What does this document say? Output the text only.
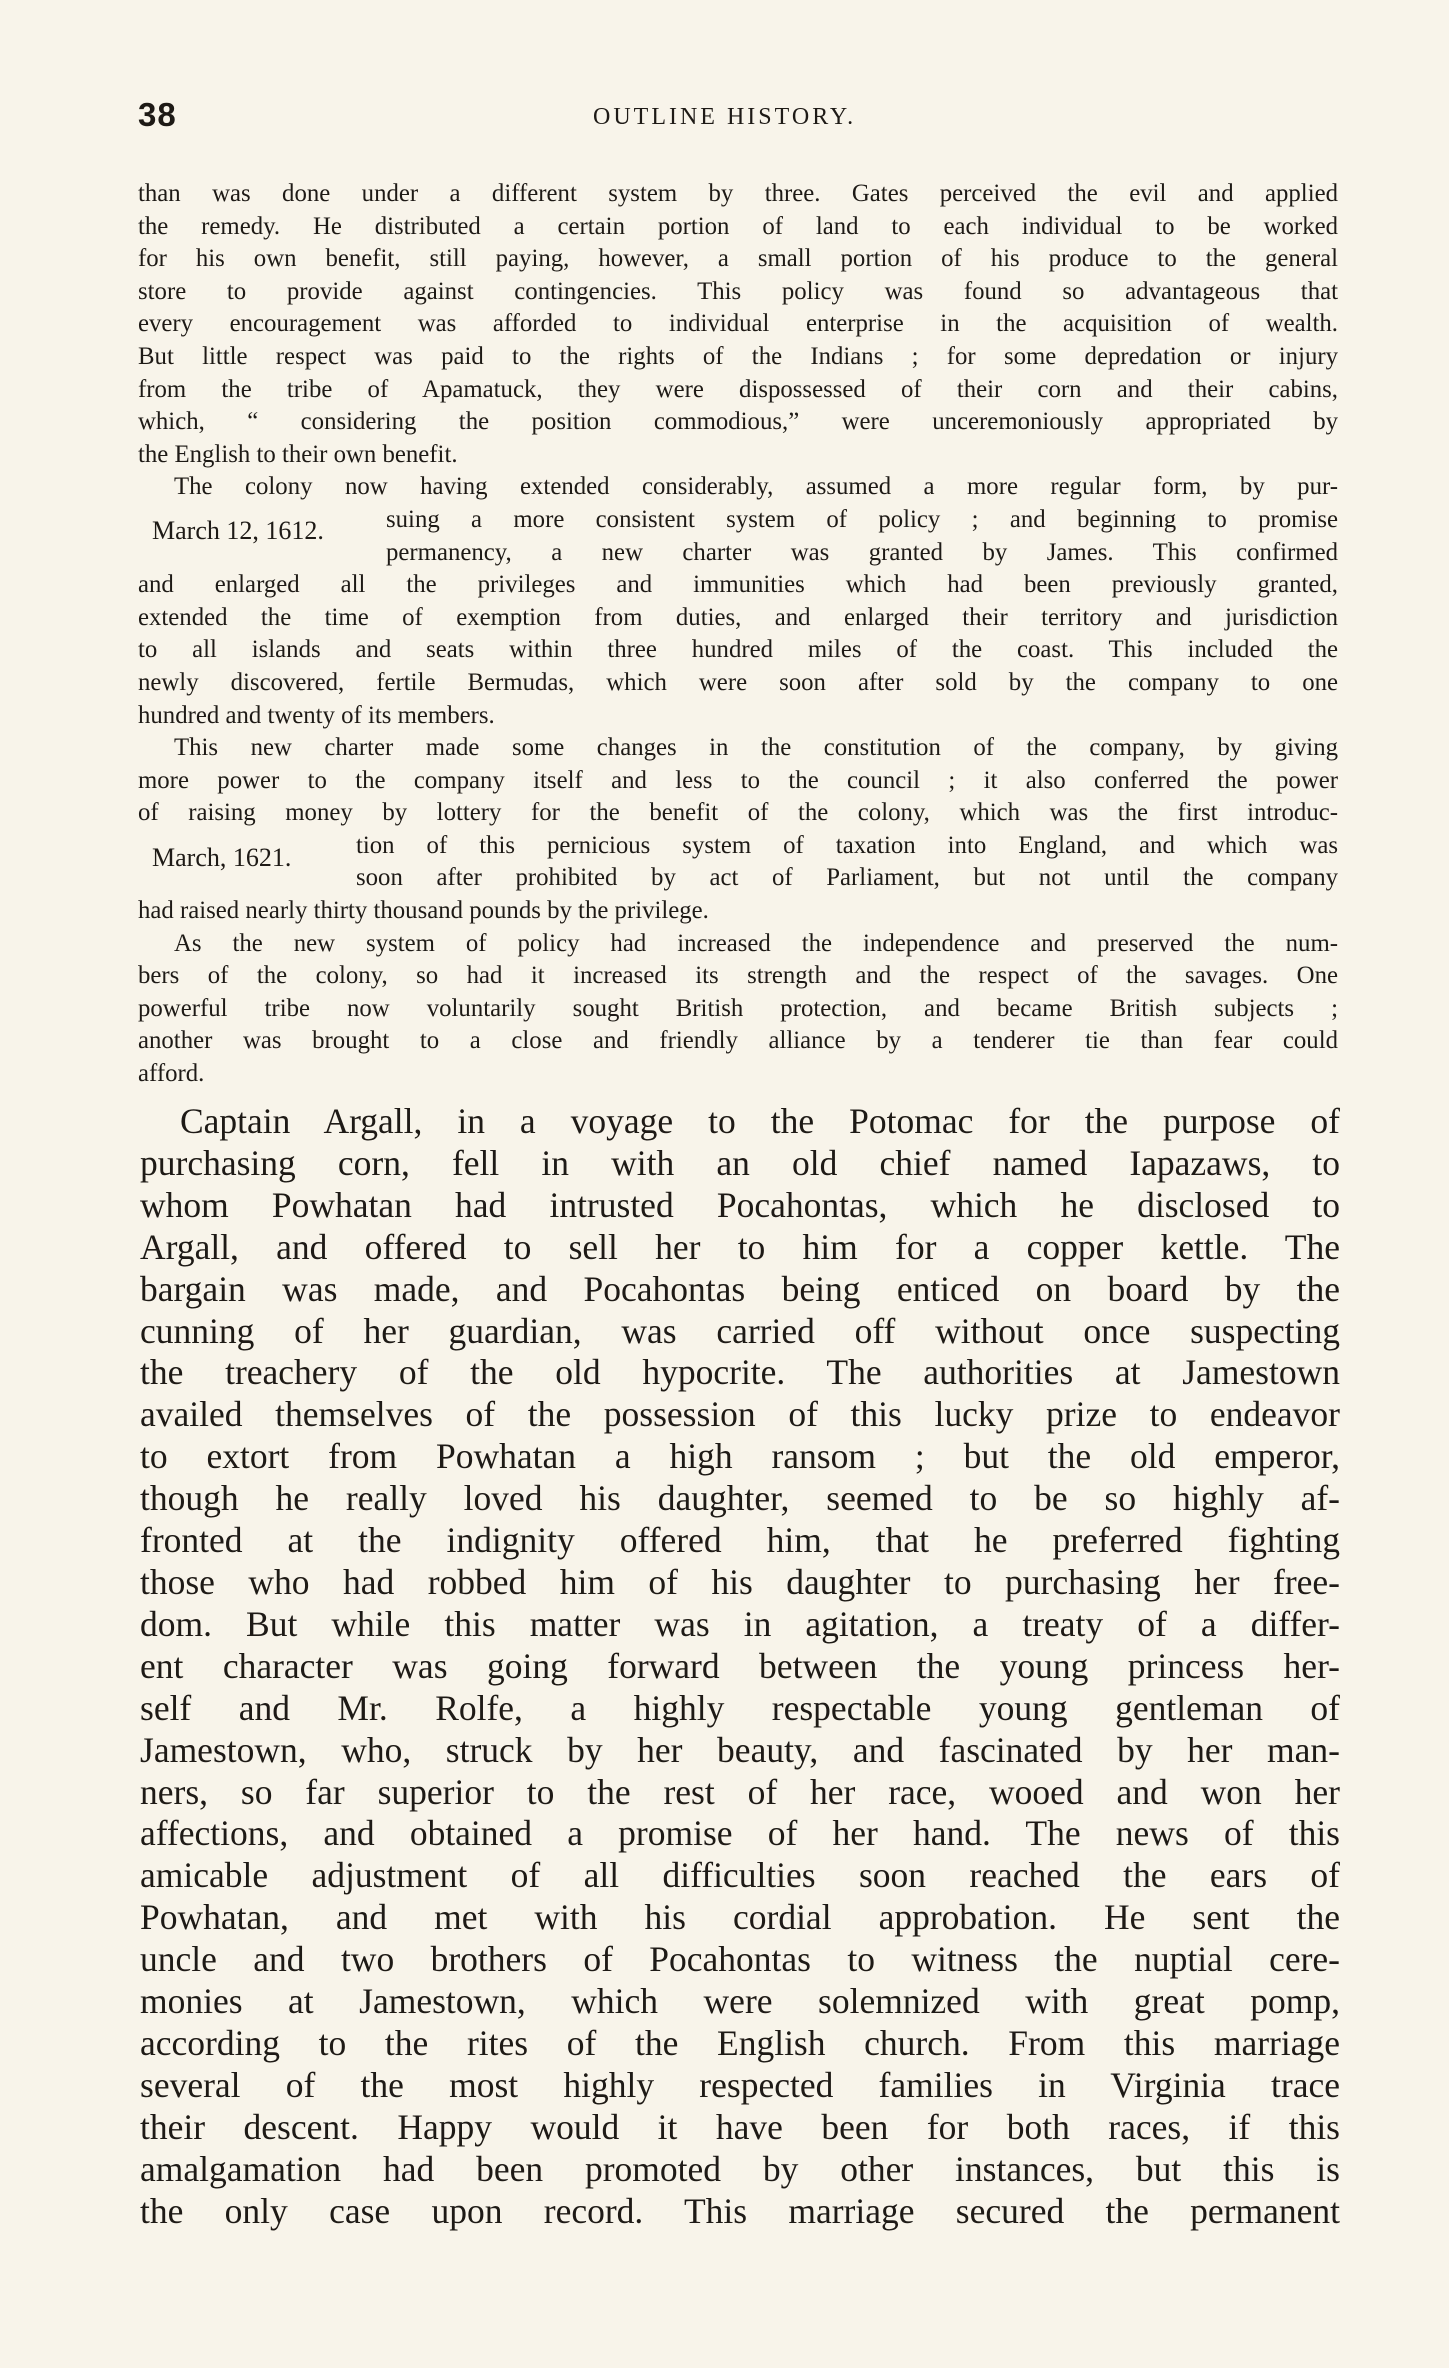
38	OUTLINE HISTORY.

than was done under a different system by three. Gates perceived the evil and applied
the remedy. He distributed a certain portion of land to each individual to be worked
for his own benefit, still paying, however, a small portion of his produce to the general
store to provide against contingencies. This policy was found so advantageous that
every encouragement was afforded to individual enterprise in the acquisition of wealth.
But little respect was paid to the rights of the Indians ; for some depredation or injury
from the tribe of Apamatuck, they were dispossessed of their corn and their cabins,
which, “ considering the position commodious,” were unceremoniously appropriated by
the English to their own benefit.

The colony now having extended considerably, assumed a more regular form, by pur-
March 12, 1612.	suing a more consistent system of policy ; and beginning to promise
permanency, a new charter was granted by James. This confirmed
and enlarged all the privileges and immunities which had been previously granted,
extended the time of exemption from duties, and enlarged their territory and jurisdiction
to all islands and seats within three hundred miles of the coast. This included the
newly discovered, fertile Bermudas, which were soon after sold by the company to one
hundred and twenty of its members.

This new charter made some changes in the constitution of the company, by giving
more power to the company itself and less to the council ; it also conferred the power
of raising money by lottery for the benefit of the colony, which was the first introduc-
March, 1621.	tion of this pernicious system of taxation into England, and which was
soon after prohibited by act of Parliament, but not until the company
had raised nearly thirty thousand pounds by the privilege.

As the new system of policy had increased the independence and preserved the num-
bers of the colony, so had it increased its strength and the respect of the savages. One
powerful tribe now voluntarily sought British protection, and became British subjects ;
another was brought to a close and friendly alliance by a tenderer tie than fear could
afford.

Captain Argall, in a voyage to the Potomac for the purpose of
purchasing corn, fell in with an old chief named Iapazaws, to
whom Powhatan had intrusted Pocahontas, which he disclosed to
Argall, and offered to sell her to him for a copper kettle. The
bargain was made, and Pocahontas being enticed on board by the
cunning of her guardian, was carried off without once suspecting
the treachery of the old hypocrite. The authorities at Jamestown
availed themselves of the possession of this lucky prize to endeavor
to extort from Powhatan a high ransom ; but the old emperor,
though he really loved his daughter, seemed to be so highly af-
fronted at the indignity offered him, that he preferred fighting
those who had robbed him of his daughter to purchasing her free-
dom. But while this matter was in agitation, a treaty of a differ-
ent character was going forward between the young princess her-
self and Mr. Rolfe, a highly respectable young gentleman of
Jamestown, who, struck by her beauty, and fascinated by her man-
ners, so far superior to the rest of her race, wooed and won her
affections, and obtained a promise of her hand. The news of this
amicable adjustment of all difficulties soon reached the ears of
Powhatan, and met with his cordial approbation. He sent the
uncle and two brothers of Pocahontas to witness the nuptial cere-
monies at Jamestown, which were solemnized with great pomp,
according to the rites of the English church. From this marriage
several of the most highly respected families in Virginia trace
their descent. Happy would it have been for both races, if this
amalgamation had been promoted by other instances, but this is
the only case upon record. This marriage secured the permanent
